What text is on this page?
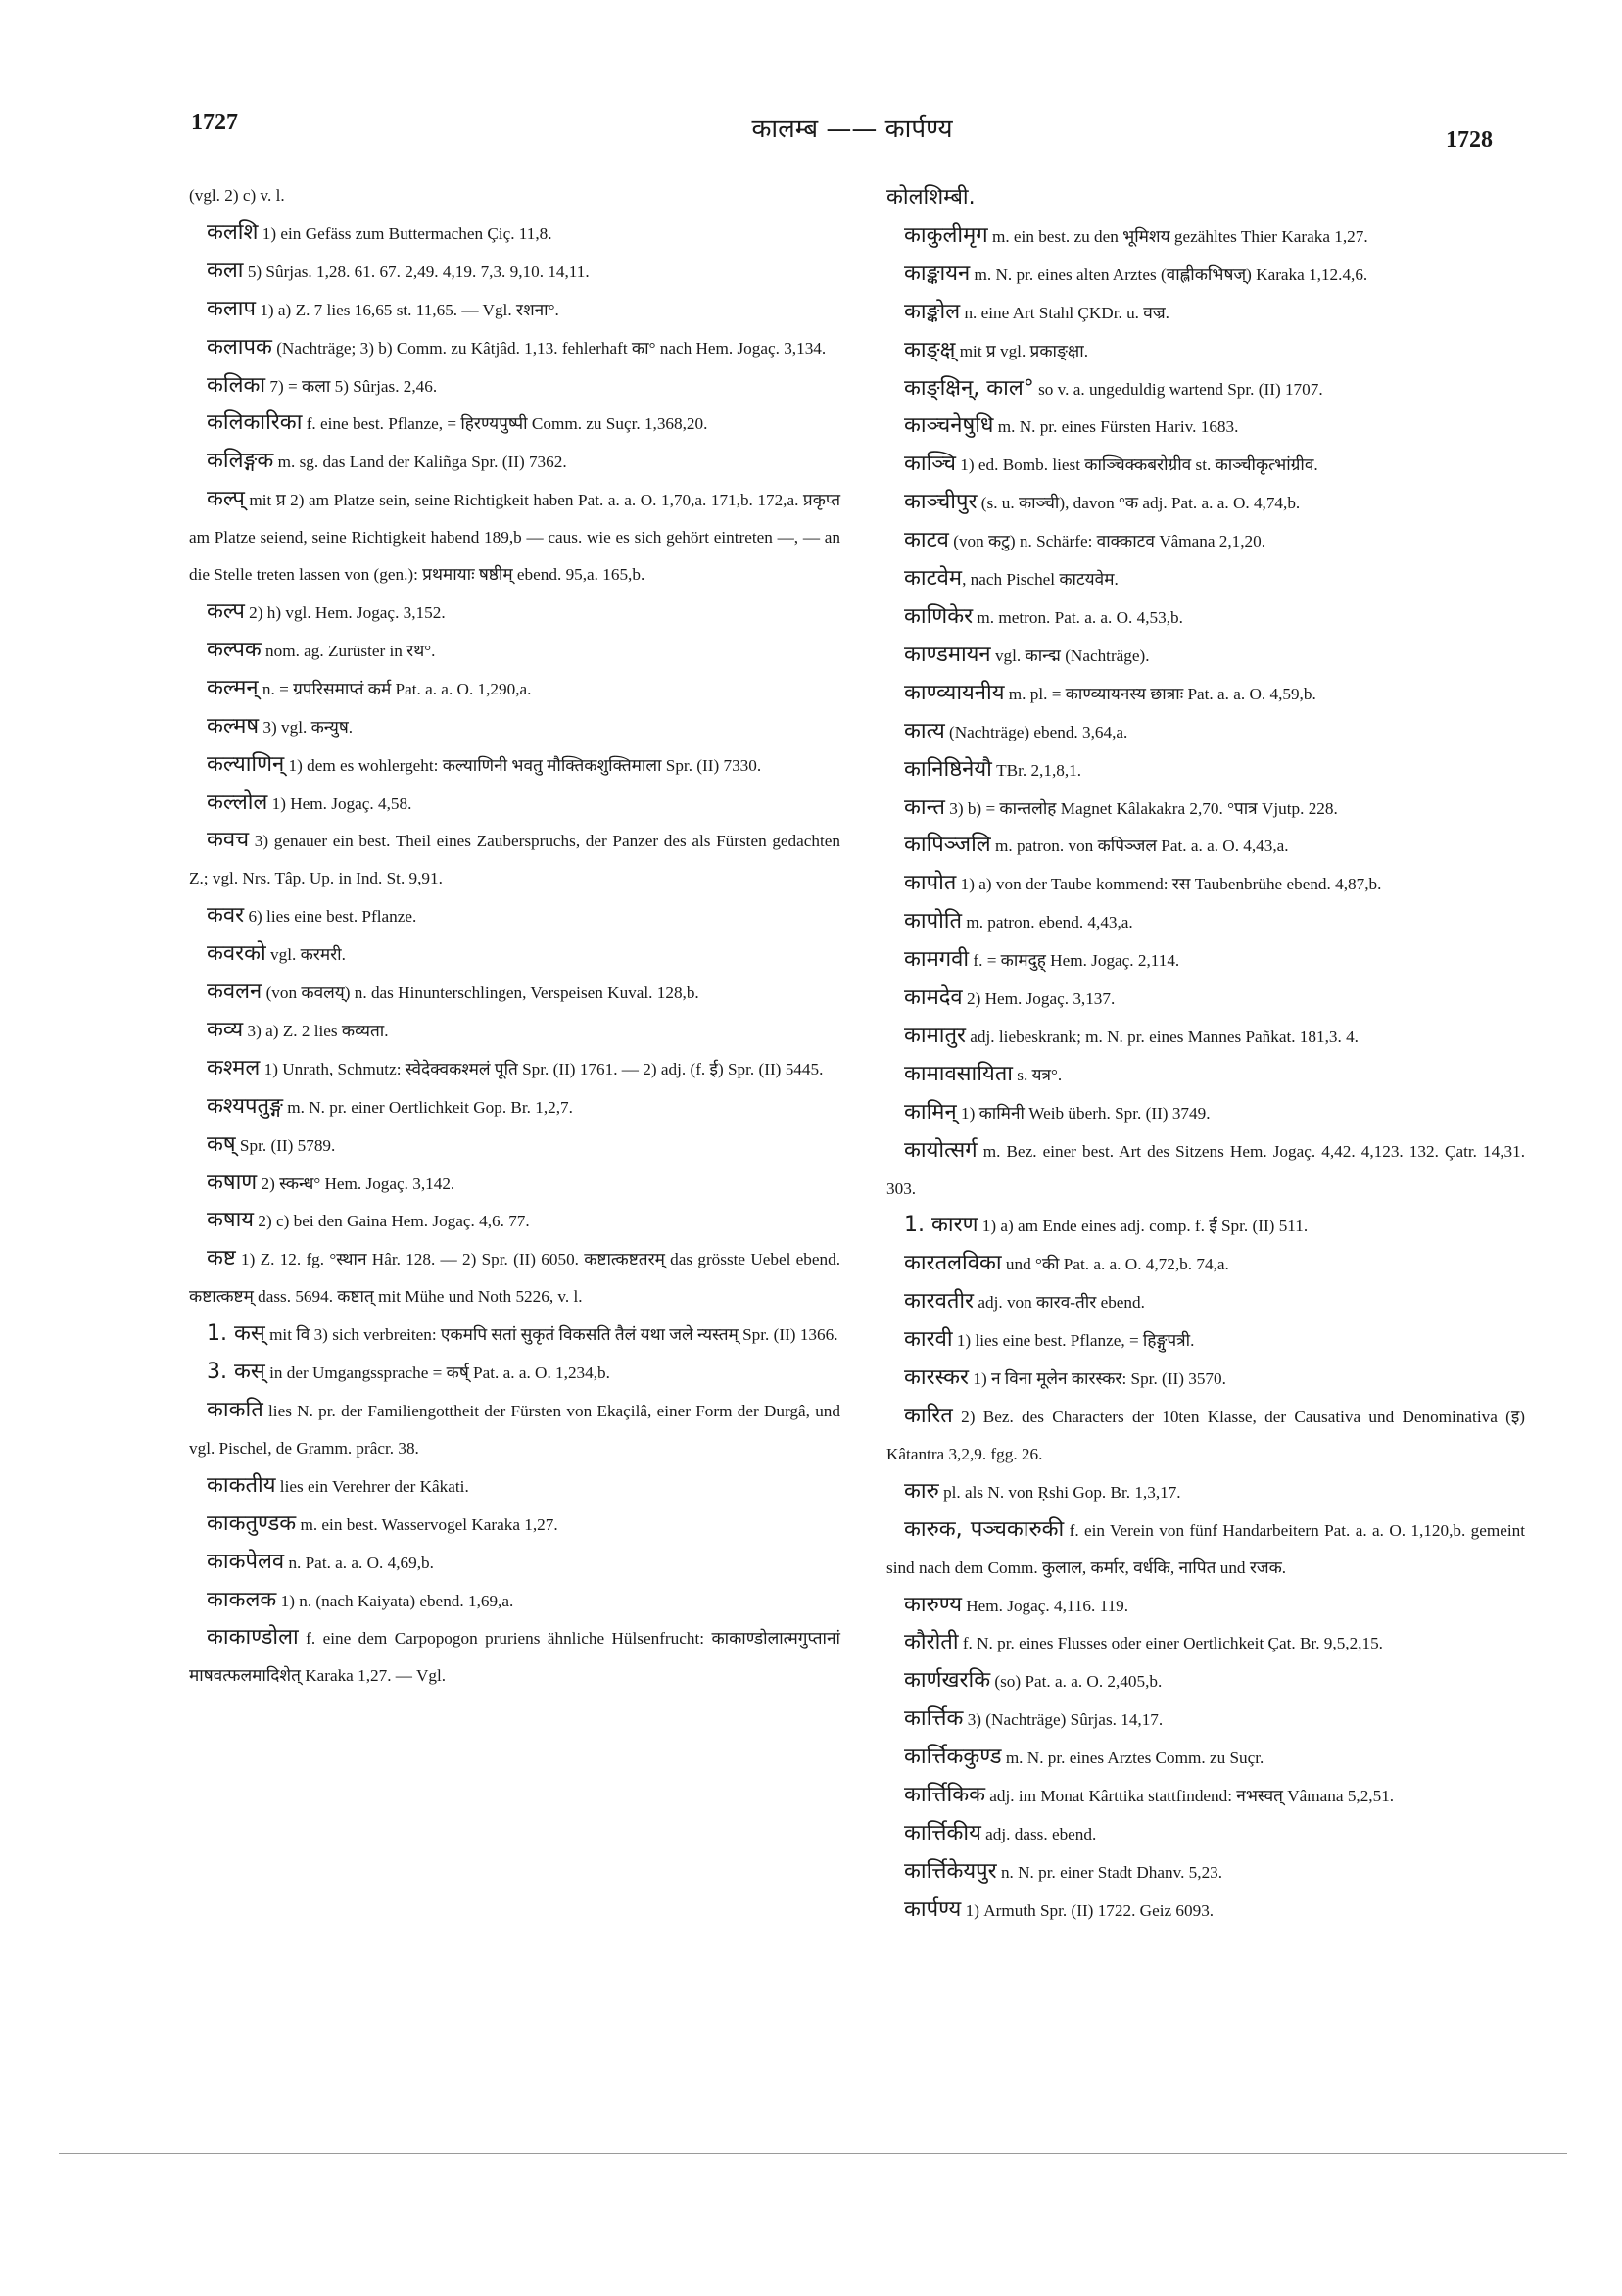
1727	कालम्ब —— कार्पण्य	1728

(vgl. 2) c) v. l.

कलशि 1) ein Gefäss zum Buttermachen Çiç. 11,8.

कला 5) Sûrjas. 1,28. 61. 67. 2,49. 4,19. 7,3. 9,10. 14,11.

कलाप 1) a) Z. 7 lies 16,65 st. 11,65. — Vgl. रशना°.

कलापक (Nachträge; 3) b) Comm. zu Kâtjâd. 1,13. fehlerhaft का° nach Hem. Jogaç. 3,134.

कलिका 7) = कला 5) Sûrjas. 2,46.

कलिकारिका f. eine best. Pflanze, = हिरण्यपुष्पी Comm. zu Suçr. 1,368,20.

कलिङ्गक m. sg. das Land der Kaliñga Spr. (II) 7362.

कल्प् mit प्र 2) am Platze sein, seine Richtigkeit haben Pat. a. a. O. 1,70,a. 171,b. 172,a. प्रकृप्त am Platze seiend, seine Richtigkeit habend 189,b — caus. wie es sich gehört eintreten —, — an die Stelle treten lassen von (gen.): प्रथमायाः षष्ठीम् ebend. 95,a. 165,b.

कल्प 2) h) vgl. Hem. Jogaç. 3,152.

कल्पक nom. ag. Zurüster in रथ°.

कल्मन् n. = ग्रपरिसमाप्तं कर्म Pat. a. a. O. 1,290,a.

कल्मष 3) vgl. कन्युष.

कल्याणिन् 1) dem es wohlergeht: कल्याणिनी भवतु मौक्तिकशुक्तिमाला Spr. (II) 7330.

कल्लोल 1) Hem. Jogaç. 4,58.

कवच 3) genauer ein best. Theil eines Zauberspruchs, der Panzer des als Fürsten gedachten Z.; vgl. Nrs. Tâp. Up. in Ind. St. 9,91.

कवर 6) lies eine best. Pflanze.

कवरको vgl. करमरी.

कवलन (von कवलय्) n. das Hinunterschlingen, Verspeisen Kuval. 128,b.

कव्य 3) a) Z. 2 lies कव्यता.

कश्मल 1) Unrath, Schmutz: स्वेदेक्वकश्मलं पूति Spr. (II) 1761. — 2) adj. (f. ई) Spr. (II) 5445.

कश्यपतुङ्ग m. N. pr. einer Oertlichkeit Gop. Br. 1,2,7.

कष् Spr. (II) 5789.

कषाण 2) स्कन्ध° Hem. Jogaç. 3,142.

कषाय 2) c) bei den Gaina Hem. Jogaç. 4,6. 77.

कष्ट 1) Z. 12. fg. °स्थान Hâr. 128. — 2) Spr. (II) 6050. कष्टात्कष्टतरम् das grösste Uebel ebend. कष्टात्कष्टम् dass. 5694. कष्टात् mit Mühe und Noth 5226, v. l.

1. कस् mit वि 3) sich verbreiten: एकमपि सतां सुकृतं विकसति तैलं यथा जले न्यस्तम् Spr. (II) 1366.

3. कस् in der Umgangssprache = कर्ष् Pat. a. a. O. 1,234,b.

काकति lies N. pr. der Familiengottheit der Fürsten von Ekaçilâ, einer Form der Durgâ, und vgl. Pischel, de Gramm. prâcr. 38.

काकतीय lies ein Verehrer der Kâkati.

काकतुण्डक m. ein best. Wasservogel Karaka 1,27.

काकपेलव n. Pat. a. a. O. 4,69,b.

काकलक 1) n. (nach Kaiyata) ebend. 1,69,a.

काकाण्डोला f. eine dem Carpopogon pruriens ähnliche Hülsenfrucht: काकाण्डोलात्मगुप्तानां माषवत्फलमादिशेत् Karaka 1,27. — Vgl.

कोलशिम्बी.

काकुलीमृग m. ein best. zu den भूमिशय gezähltes Thier Karaka 1,27.

काङ्कायन m. N. pr. eines alten Arztes (वाह्लीकभिषज्) Karaka 1,12.4,6.

काङ्कोल n. eine Art Stahl ÇKDr. u. वज्र.

काङ्क्ष् mit प्र vgl. प्रकाङ्क्षा.

काङ्क्षिन्, काल° so v. a. ungeduldig wartend Spr. (II) 1707.

काञ्चनेषुधि m. N. pr. eines Fürsten Hariv. 1683.

काञ्चि 1) ed. Bomb. liest काञ्चिक्कबरोग्रीव st. काञ्चीकृत्भांग्रीव.

काञ्चीपुर (s. u. काञ्ची), davon °क adj. Pat. a. a. O. 4,74,b.

काटव (von कटु) n. Schärfe: वाक्काटव Vâmana 2,1,20.

काटवेम, nach Pischel काटयवेम.

काणिकेर m. metron. Pat. a. a. O. 4,53,b.

काण्डमायन vgl. कान्द्म (Nachträge).

काण्व्यायनीय m. pl. = काण्व्यायनस्य छात्राः Pat. a. a. O. 4,59,b.

कात्य (Nachträge) ebend. 3,64,a.

कानिष्ठिनेयौ TBr. 2,1,8,1.

कान्त 3) b) = कान्तलोह Magnet Kâlakakra 2,70. °पात्र Vjutp. 228.

कापिञ्जलि m. patron. von कपिञ्जल Pat. a. a. O. 4,43,a.

कापोत 1) a) von der Taube kommend: रस Taubenbrühe ebend. 4,87,b.

कापोति m. patron. ebend. 4,43,a.

कामगवी f. = कामदुह् Hem. Jogaç. 2,114.

कामदेव 2) Hem. Jogaç. 3,137.

कामातुर adj. liebeskrank; m. N. pr. eines Mannes Pañkat. 181,3. 4.

कामावसायिता s. यत्र°.

कामिन् 1) कामिनी Weib überh. Spr. (II) 3749.

कायोत्सर्ग m. Bez. einer best. Art des Sitzens Hem. Jogaç. 4,42. 4,123. 132. Çatr. 14,31. 303.

1. कारण 1) a) am Ende eines adj. comp. f. ई Spr. (II) 511.

कारतलविका und °की Pat. a. a. O. 4,72,b. 74,a.

कारवतीर adj. von कारव-तीर ebend.

कारवी 1) lies eine best. Pflanze, = हिङ्गुपत्री.

कारस्कर 1) न विना मूलेन कारस्कर: Spr. (II) 3570.

कारित 2) Bez. des Characters der 10ten Klasse, der Causativa und Denominativa (इ) Kâtantra 3,2,9. fgg. 26.

कारु pl. als N. von Ṛshi Gop. Br. 1,3,17.

कारुक, पञ्चकारुकी f. ein Verein von fünf Handarbeitern Pat. a. a. O. 1,120,b. gemeint sind nach dem Comm. कुलाल, कर्मार, वर्धकि, नापित und रजक.

कारुण्य Hem. Jogaç. 4,116. 119.

कौरोती f. N. pr. eines Flusses oder einer Oertlichkeit Çat. Br. 9,5,2,15.

कार्णखरकि (so) Pat. a. a. O. 2,405,b.

कार्त्तिक 3) (Nachträge) Sûrjas. 14,17.

कार्त्तिककुण्ड m. N. pr. eines Arztes Comm. zu Suçr.

कार्त्तिकिक adj. im Monat Kârttika stattfindend: नभस्वत् Vâmana 5,2,51.

कार्त्तिकीय adj. dass. ebend.

कार्त्तिकेयपुर n. N. pr. einer Stadt Dhanv. 5,23.

कार्पण्य 1) Armuth Spr. (II) 1722. Geiz 6093.
